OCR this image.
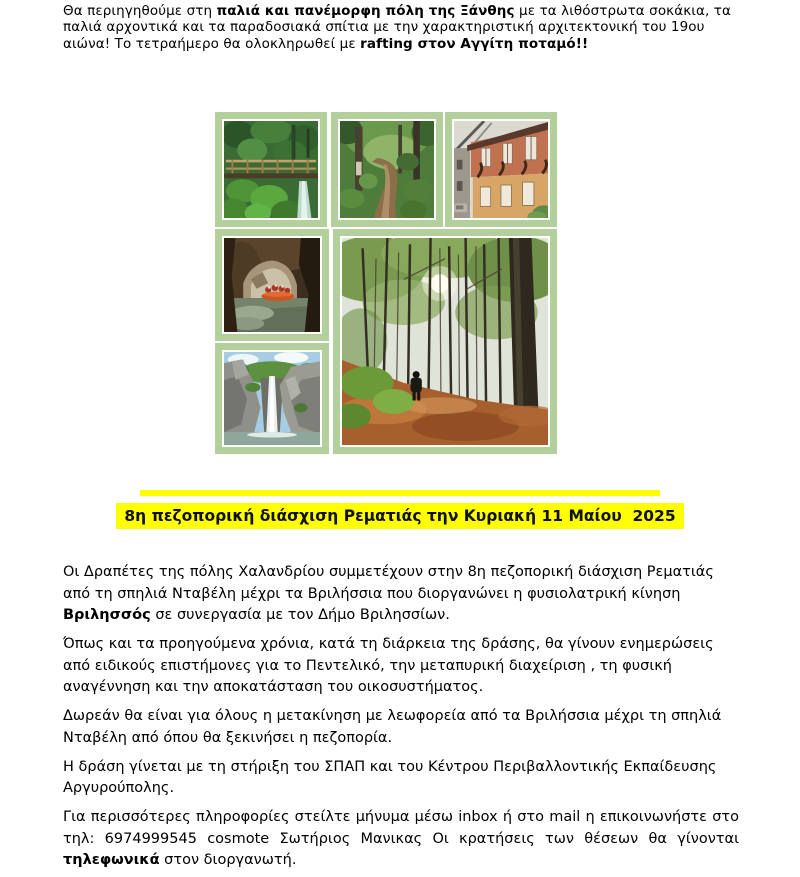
Θα περιηγηθούμε στη παλιά και πανέμορφη πόλη της Ξάνθης με τα λιθόστρωτα σοκάκια, τα παλιά αρχοντικά και τα παραδοσιακά σπίτια με την χαρακτηριστική αρχιτεκτονική του 19ου αιώνα! Το τετραήμερο θα ολοκληρωθεί με rafting στον Αγγίτη ποταμό!!

8η πεζοπορική διάσχιση Ρεματιάς την Κυριακή 11 Μαίου  2025

Οι Δραπέτες της πόλης Χαλανδρίου συμμετέχουν στην 8η πεζοπορική διάσχιση Ρεματιάς από τη σπηλιά Νταβέλη μέχρι τα Βριλήσσια που διοργανώνει η φυσιολατρική κίνηση Βριλησσός σε συνεργασία με τον Δήμο Βριλησσίων.

Όπως και τα προηγούμενα χρόνια, κατά τη διάρκεια της δράσης, θα γίνουν ενημερώσεις από ειδικούς επιστήμονες για το Πεντελικό, την μεταπυρική διαχείριση , τη φυσική αναγέννηση και την αποκατάσταση του οικοσυστήματος.

Δωρεάν θα είναι για όλους η μετακίνηση με λεωφορεία από τα Βριλήσσια μέχρι τη σπηλιά Νταβέλη από όπου θα ξεκινήσει η πεζοπορία.

Η δράση γίνεται με τη στήριξη του ΣΠΑΠ και του Κέντρου Περιβαλλοντικής Εκπαίδευσης Αργυρούπολης.

Για περισσότερες πληροφορίες στείλτε μήνυμα μέσω inbox ή στο mail η επικοινωνήστε στο τηλ: 6974999545 cosmote Σωτήριος Μανικας Οι κρατήσεις των θέσεων θα γίνονται τηλεφωνικά στον διοργανωτή.
